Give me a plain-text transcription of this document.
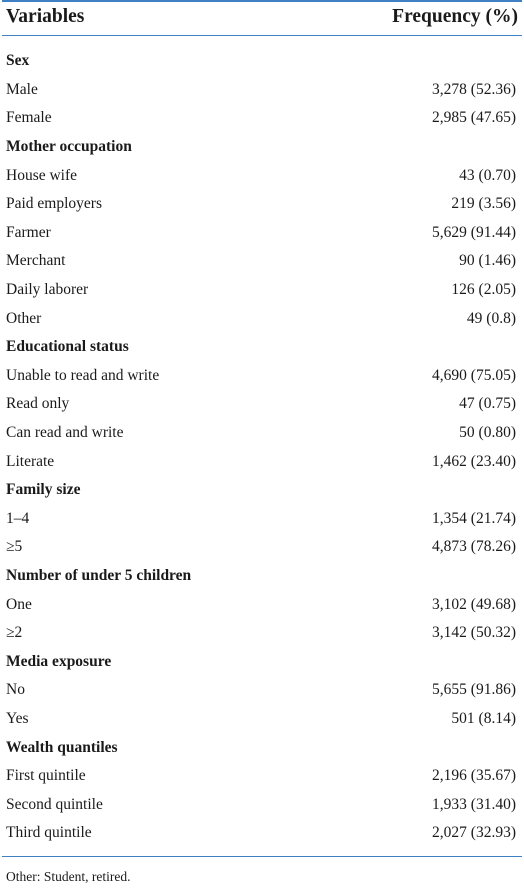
Variables	Frequency (%)
Sex
Male	3,278 (52.36)
Female	2,985 (47.65)
Mother occupation
House wife	43 (0.70)
Paid employers	219 (3.56)
Farmer	5,629 (91.44)
Merchant	90 (1.46)
Daily laborer	126 (2.05)
Other	49 (0.8)
Educational status
Unable to read and write	4,690 (75.05)
Read only	47 (0.75)
Can read and write	50 (0.80)
Literate	1,462 (23.40)
Family size
1–4	1,354 (21.74)
≥5	4,873 (78.26)
Number of under 5 children
One	3,102 (49.68)
≥2	3,142 (50.32)
Media exposure
No	5,655 (91.86)
Yes	501 (8.14)
Wealth quantiles
First quintile	2,196 (35.67)
Second quintile	1,933 (31.40)
Third quintile	2,027 (32.93)
Other: Student, retired.
